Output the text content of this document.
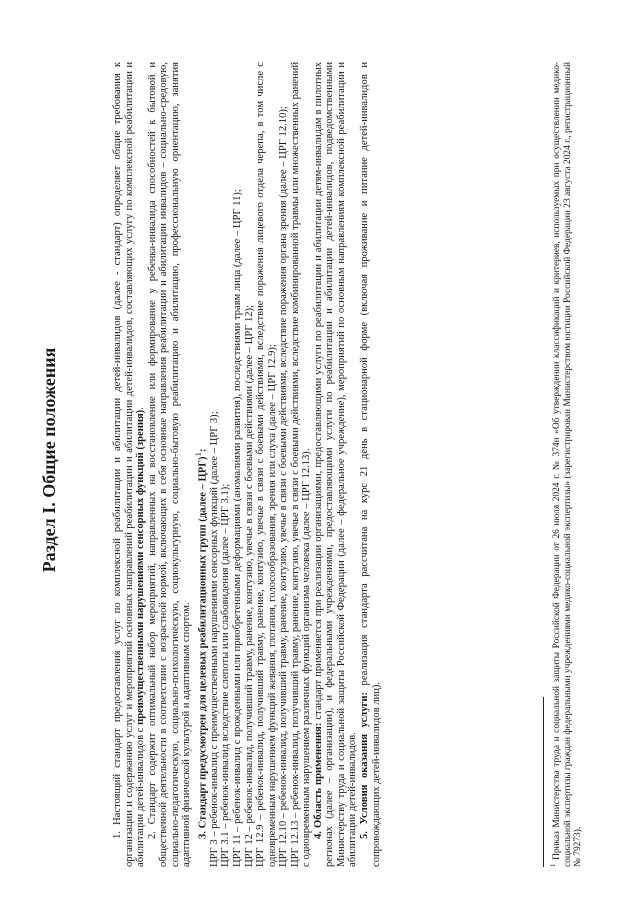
Раздел I. Общие положения

1. Настоящий стандарт предоставления услуг по комплексной реабилитации и абилитации детей-инвалидов (далее - стандарт) определяет общие требования к организации и содержанию услуг и мероприятий основных направлений реабилитации и абилитации детей-инвалидов, составляющих услугу по комплексной реабилитации и абилитации детей-инвалидов с преимущественными нарушениями сенсорных функций (зрения).

2. Стандарт содержит оптимальный набор мероприятий, направленных на восстановление или формирование у ребенка-инвалида способностей к бытовой и общественной деятельности в соответствии с возрастной нормой, включающих в себя основные направления реабилитации и абилитации инвалидов – социально-средовую, социально-педагогическую, социально-психологическую, социокультурную, социально-бытовую реабилитацию и абилитацию, профессиональную ориентацию, занятия адаптивной физической культурой и адаптивным спортом. 3. Стандарт предусмотрен для целевых реабилитационных групп (далее – ЦРГ)$^1$: ЦРГ 3 – ребенок-инвалид с преимущественными нарушениями сенсорных функций (далее – ЦРГ 3); ЦРГ 3.1 – ребенок-инвалид вследствие слепоты или слабовидения (далее – ЦРГ 3.1); ЦРГ 11 – ребенок-инвалид с врожденными или приобретенными деформациями (аномалиями развития), последствиями травм лица (далее – ЦРГ 11); ЦРГ 12 – ребенок-инвалид, получивший травму, ранение, контузию, увечье в связи с боевыми действиями (далее – ЦРГ 12); ЦРГ 12.9 – ребенок-инвалид, получивший травму, ранение, контузию, увечье в связи с боевыми действиями, вследствие поражения лицевого отдела черепа, в том числе с одновременным нарушением функций жевания, глотания, голосообразования, зрения или слуха (далее – ЦРГ 12.9); ЦРГ 12.10 – ребенок-инвалид, получивший травму, ранение, контузию, увечье в связи с боевыми действиями, вследствие поражения органа зрения (далее – ЦРГ 12.10); ЦРГ 12.13 – ребенок-инвалид, получивший травму, ранение, контузию, увечье в связи с боевыми действиями, вследствие комбинированной травмы или множественных ранений с одновременным нарушением различных функций организма человека (далее – ЦРГ 12.13). 4. Область применения: стандарт применяется при реализации организациями, предоставляющими услуги по реабилитации и абилитации детям-инвалидам в пилотных регионах (далее – организации), и федеральными учреждениями, предоставляющими услуги по реабилитации и абилитации детей-инвалидов, подведомственными Министерству труда и социальной защиты Российской Федерации (далее – федеральное учреждение), мероприятий по основным направлениям комплексной реабилитации и абилитации детей-инвалидов. 5. Условия оказания услуги: реализация стандарта рассчитана на курс 21 день в стационарной форме (включая проживание и питание детей-инвалидов и сопровождающих детей-инвалидов лиц).	$^1$ Приказ Министерства труда и социальной защиты Российской Федерации от 26 июля 2024 г. № 374н «Об утверждении классификаций и критериев, используемых при осуществлении медико-социальной экспертизы граждан федеральными учреждениями медико-социальной экспертизы» (зарегистрирован Министерством юстиции Российской Федерации 23 августа 2024 г., регистрационный № 79273).
